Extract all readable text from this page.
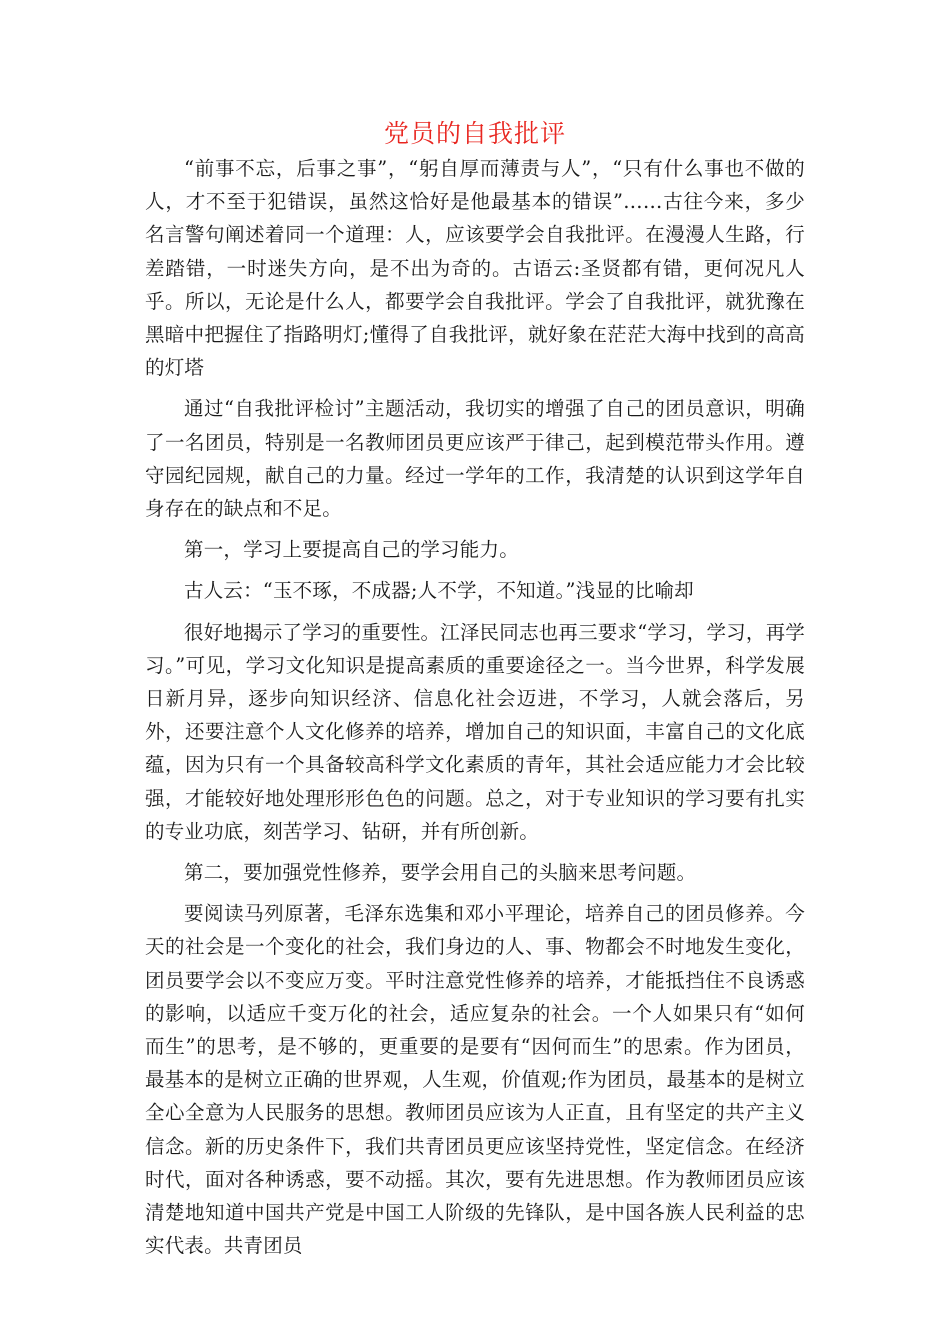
党员的自我批评

“前事不忘，后事之事”，“躬自厚而薄责与人”，“只有什么事也不做的人，才不至于犯错误，虽然这恰好是他最基本的错误”……古往今来，多少名言警句阐述着同一个道理：人，应该要学会自我批评。在漫漫人生路，行差踏错，一时迷失方向，是不出为奇的。古语云:圣贤都有错，更何况凡人乎。所以，无论是什么人，都要学会自我批评。学会了自我批评，就犹豫在黑暗中把握住了指路明灯;懂得了自我批评，就好象在茫茫大海中找到的高高的灯塔

通过“自我批评检讨”主题活动，我切实的增强了自己的团员意识，明确了一名团员，特别是一名教师团员更应该严于律己，起到模范带头作用。遵守园纪园规，献自己的力量。经过一学年的工作，我清楚的认识到这学年自身存在的缺点和不足。

第一，学习上要提高自己的学习能力。

古人云：“玉不琢，不成器;人不学，不知道。”浅显的比喻却

很好地揭示了学习的重要性。江泽民同志也再三要求“学习，学习，再学习。”可见，学习文化知识是提高素质的重要途径之一。当今世界，科学发展日新月异，逐步向知识经济、信息化社会迈进，不学习，人就会落后，另外，还要注意个人文化修养的培养，增加自己的知识面，丰富自己的文化底蕴，因为只有一个具备较高科学文化素质的青年，其社会适应能力才会比较强，才能较好地处理形形色色的问题。总之，对于专业知识的学习要有扎实的专业功底，刻苦学习、钻研，并有所创新。

第二，要加强党性修养，要学会用自己的头脑来思考问题。

要阅读马列原著，毛泽东选集和邓小平理论，培养自己的团员修养。今天的社会是一个变化的社会，我们身边的人、事、物都会不时地发生变化，团员要学会以不变应万变。平时注意党性修养的培养，才能抵挡住不良诱惑的影响，以适应千变万化的社会，适应复杂的社会。一个人如果只有“如何而生”的思考，是不够的，更重要的是要有“因何而生”的思索。作为团员，最基本的是树立正确的世界观，人生观，价值观;作为团员，最基本的是树立全心全意为人民服务的思想。教师团员应该为人正直，且有坚定的共产主义信念。新的历史条件下，我们共青团员更应该坚持党性，坚定信念。在经济时代，面对各种诱惑，要不动摇。其次，要有先进思想。作为教师团员应该清楚地知道中国共产党是中国工人阶级的先锋队，是中国各族人民利益的忠实代表。共青团员
